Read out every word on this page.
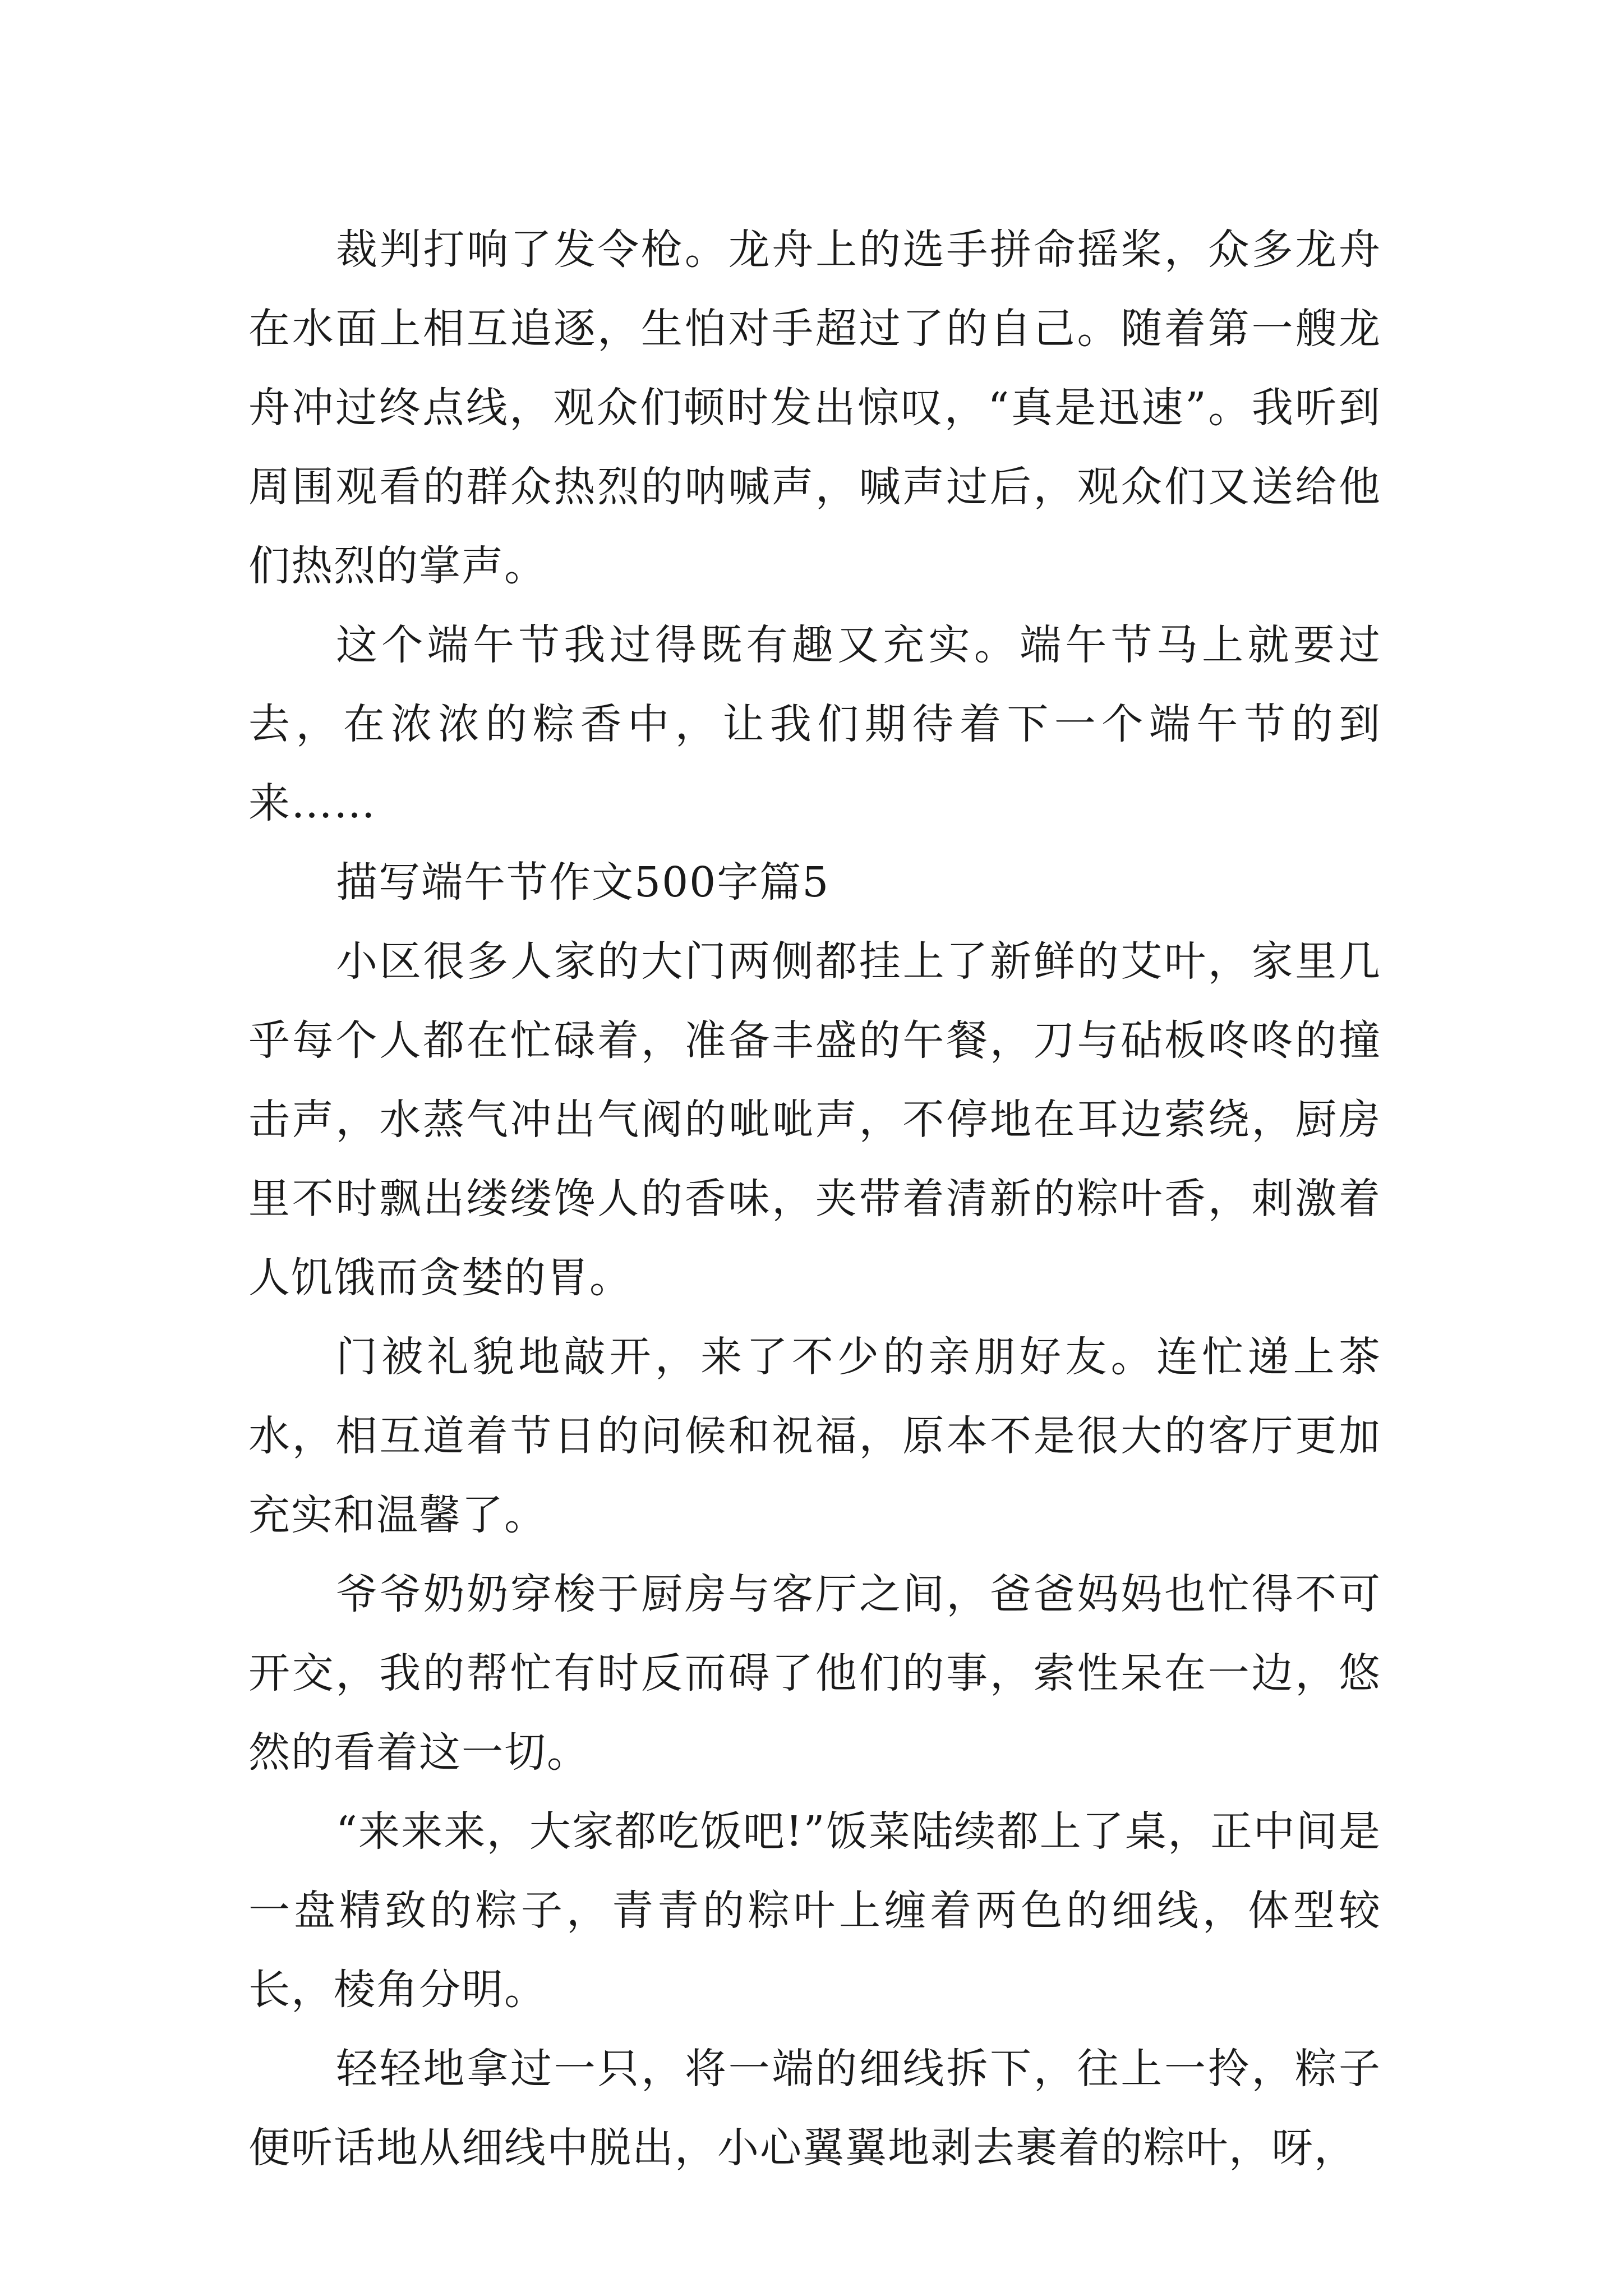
裁判打响了发令枪。龙舟上的选手拼命摇桨，众多龙舟在水面上相互追逐，生怕对手超过了的自己。随着第一艘龙舟冲过终点线，观众们顿时发出惊叹，“真是迅速”。我听到周围观看的群众热烈的呐喊声，喊声过后，观众们又送给他们热烈的掌声。

这个端午节我过得既有趣又充实。端午节马上就要过去，在浓浓的粽香中，让我们期待着下一个端午节的到来……

描写端午节作文500字篇5

小区很多人家的大门两侧都挂上了新鲜的艾叶，家里几乎每个人都在忙碌着，准备丰盛的午餐，刀与砧板咚咚的撞击声，水蒸气冲出气阀的呲呲声，不停地在耳边萦绕，厨房里不时飘出缕缕馋人的香味，夹带着清新的粽叶香，刺激着人饥饿而贪婪的胃。

门被礼貌地敲开，来了不少的亲朋好友。连忙递上茶水，相互道着节日的问候和祝福，原本不是很大的客厅更加充实和温馨了。

爷爷奶奶穿梭于厨房与客厅之间，爸爸妈妈也忙得不可开交，我的帮忙有时反而碍了他们的事，索性呆在一边，悠然的看着这一切。

“来来来，大家都吃饭吧!”饭菜陆续都上了桌，正中间是一盘精致的粽子，青青的粽叶上缠着两色的细线，体型较长，棱角分明。

轻轻地拿过一只，将一端的细线拆下，往上一拎，粽子便听话地从细线中脱出，小心翼翼地剥去裹着的粽叶，呀，
